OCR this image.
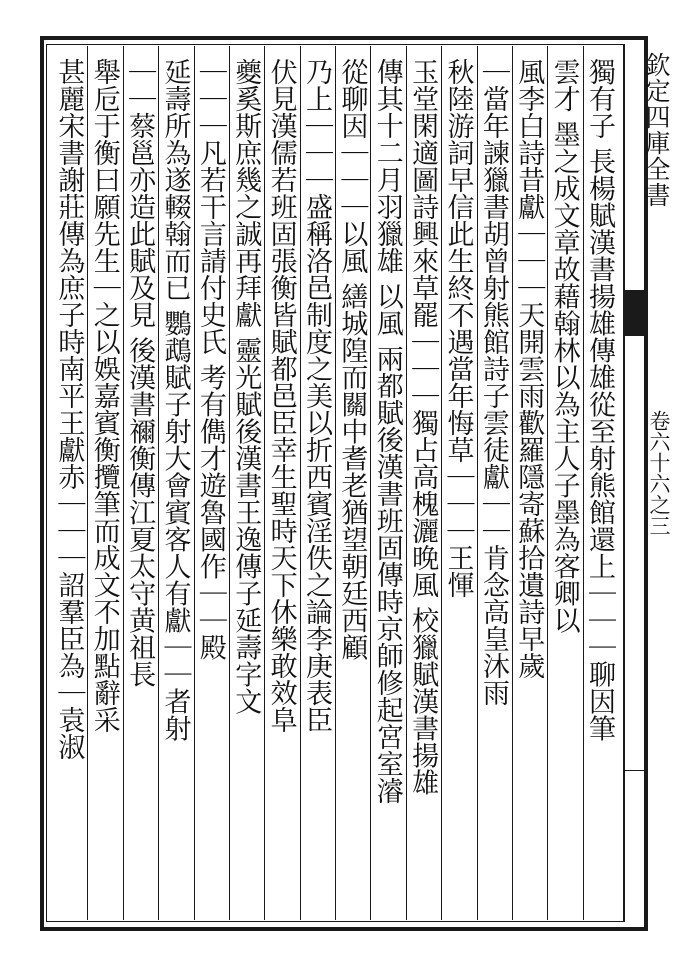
欽定四庫全書
卷六十六之三
獨有子 長楊賦漢書揚雄傳雄從至射熊館還上｜｜｜聊因筆
雲才 墨之成文章故藉翰林以為主人子墨為客卿以
風李白詩昔獻｜｜｜天開雲雨歡羅隱寄蘇拾遺詩早歲
｜當年諫獵書胡曾射熊館詩子雲徒獻｜｜肯念高皇沐雨
秋陸游詞早信此生終不遇當年悔草｜｜｜王惲
玉堂閑適圖詩興來草罷｜｜｜獨占高槐灑晚風 校獵賦漢書揚雄
傳其十二月羽獵雄 以風 兩都賦後漢書班固傳時京師修起宮室濬
從聊因｜｜｜以風 繕城隍而關中耆老猶望朝廷西顧
乃上｜｜｜盛稱洛邑制度之美以折西賓淫佚之論李庚表臣
伏見漢儒若班固張衡皆賦都邑臣幸生聖時天下休樂敢效阜
夔奚斯庶幾之誠再拜獻 靈光賦後漢書王逸傳子延壽字文
｜｜｜凡若干言請付史氏 考有儁才遊魯國作｜｜殿
延壽所為遂輟翰而已 鸚鵡賦子射大會賓客人有獻｜｜者射
｜｜蔡邕亦造此賦及見 後漢書禰衡傳江夏太守黄祖長
舉卮于衡曰願先生｜之以娛嘉賓衡攬筆而成文不加點辭采
甚麗宋書謝莊傳為庶子時南平王獻赤｜｜｜詔羣臣為｜袁淑
